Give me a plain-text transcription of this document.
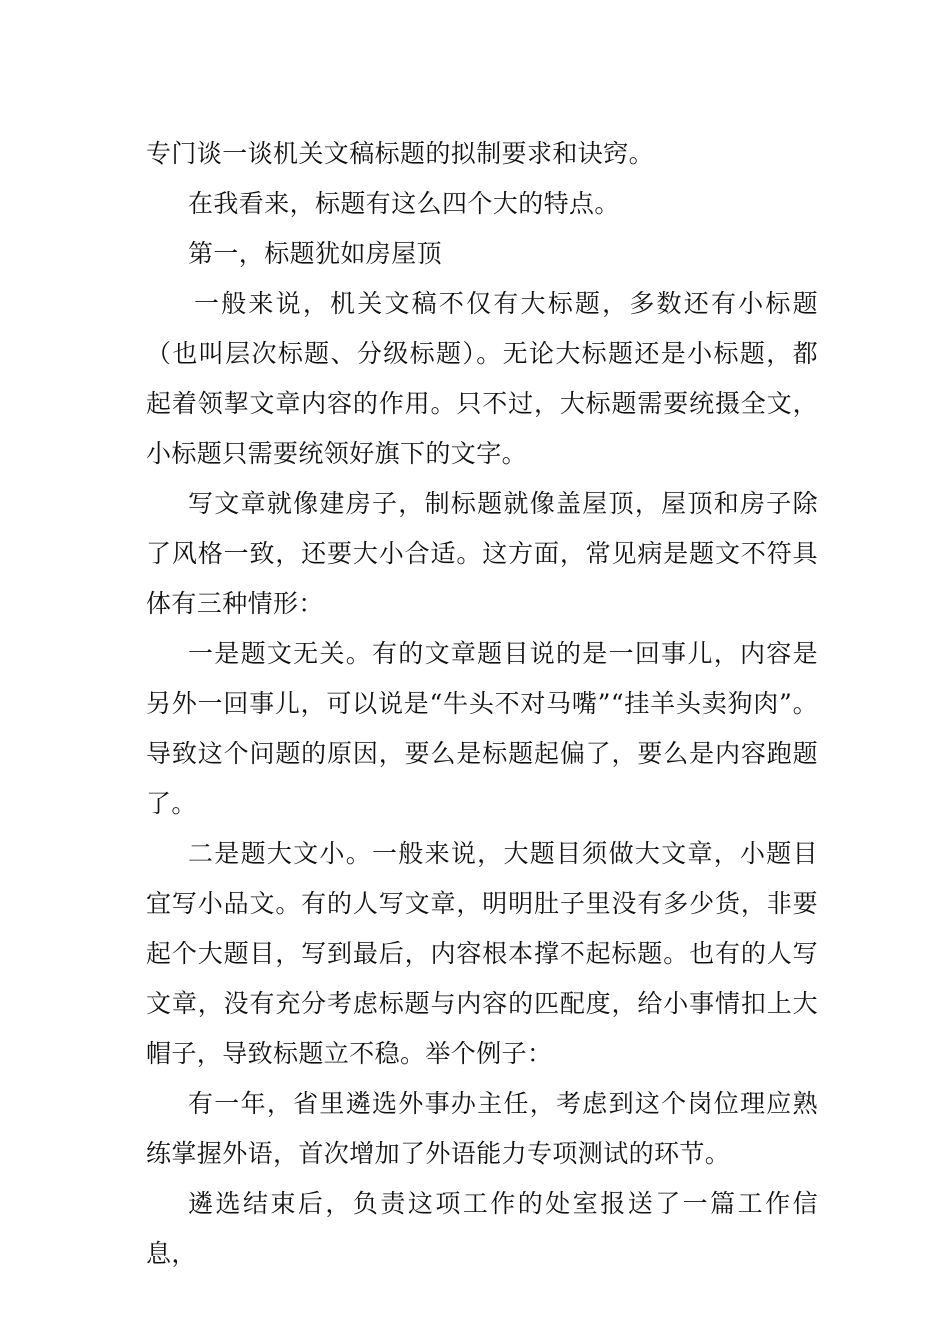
专门谈一谈机关文稿标题的拟制要求和诀窍。

在我看来，标题有这么四个大的特点。

第一，标题犹如房屋顶

一般来说，机关文稿不仅有大标题，多数还有小标题（也叫层次标题、分级标题）。无论大标题还是小标题，都起着领挈文章内容的作用。只不过，大标题需要统摄全文，小标题只需要统领好旗下的文字。

写文章就像建房子，制标题就像盖屋顶，屋顶和房子除了风格一致，还要大小合适。这方面，常见病是题文不符具体有三种情形：

一是题文无关。有的文章题目说的是一回事儿，内容是另外一回事儿，可以说是“牛头不对马嘴”“挂羊头卖狗肉”。导致这个问题的原因，要么是标题起偏了，要么是内容跑题了。

二是题大文小。一般来说，大题目须做大文章，小题目宜写小品文。有的人写文章，明明肚子里没有多少货，非要起个大题目，写到最后，内容根本撑不起标题。也有的人写文章，没有充分考虑标题与内容的匹配度，给小事情扣上大帽子，导致标题立不稳。举个例子：

有一年，省里遴选外事办主任，考虑到这个岗位理应熟练掌握外语，首次增加了外语能力专项测试的环节。

遴选结束后，负责这项工作的处室报送了一篇工作信息，
